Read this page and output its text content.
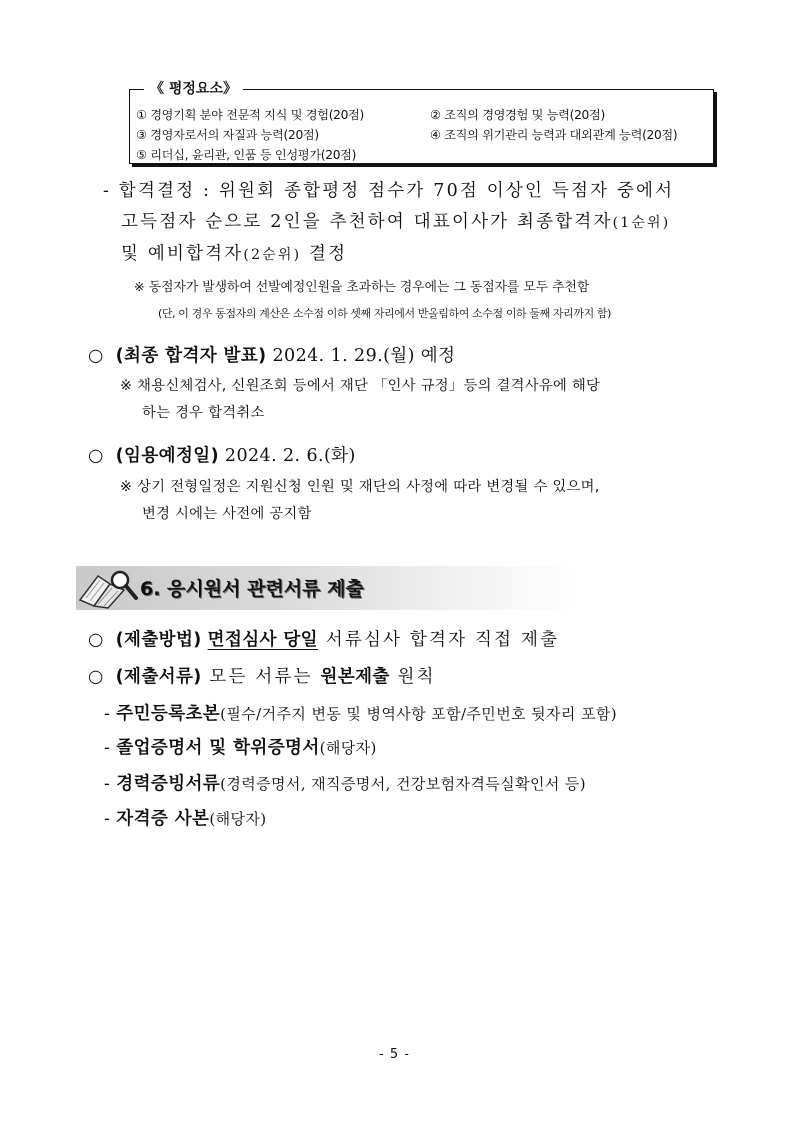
《 평정요소》
① 경영기획 분야 전문적 지식 및 경험(20점)	② 조직의 경영경험 및 능력(20점)
③ 경영자로서의 자질과 능력(20점)	④ 조직의 위기관리 능력과 대외관계 능력(20점)
⑤ 리더십, 윤리관, 인품 등 인성평가(20점)
- 합격결정 : 위원회 종합평정 점수가 70점 이상인 득점자 중에서
고득점자 순으로 2인을 추천하여 대표이사가 최종합격자(1순위)
및 예비합격자(2순위) 결정
※ 동점자가 발생하여 선발예정인원을 초과하는 경우에는 그 동점자를 모두 추천함
(단, 이 경우 동점자의 계산은 소수점 이하 셋째 자리에서 반올림하여 소수점 이하 둘째 자리까지 함)
○ (최종 합격자 발표) 2024. 1. 29.(월) 예정
※ 채용신체검사, 신원조회 등에서 재단 「인사 규정」등의 결격사유에 해당
하는 경우 합격취소
○ (임용예정일) 2024. 2. 6.(화)
※ 상기 전형일정은 지원신청 인원 및 재단의 사정에 따라 변경될 수 있으며,
변경 시에는 사전에 공지함
6. 응시원서 관련서류 제출
○ (제출방법) 면접심사 당일 서류심사 합격자 직접 제출
○ (제출서류) 모든 서류는 원본제출 원칙
- 주민등록초본(필수/거주지 변동 및 병역사항 포함/주민번호 뒷자리 포함)
- 졸업증명서 및 학위증명서(해당자)
- 경력증빙서류(경력증명서, 재직증명서, 건강보험자격득실확인서 등)
- 자격증 사본(해당자)
- 5 -
